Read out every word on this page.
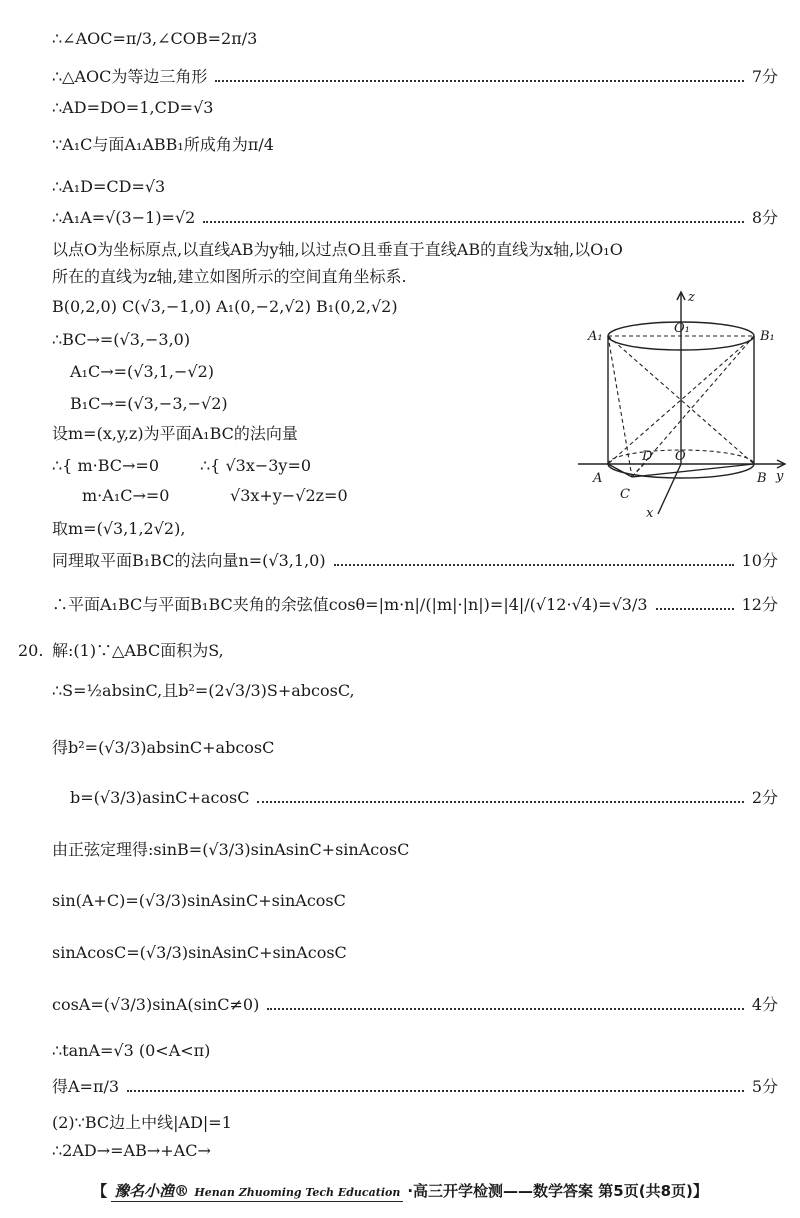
∴∠AOC=π/3,∠COB=2π/3
∴△AOC为等边三角形	7分
∴AD=DO=1,CD=√3
∵A₁C与面A₁ABB₁所成角为π/4
∴A₁D=CD=√3
∴A₁A=√(3−1)=√2	8分
以点O为坐标原点,以直线AB为y轴,以过点O且垂直于直线AB的直线为x轴,以O₁O
所在的直线为z轴,建立如图所示的空间直角坐标系.
B(0,2,0) C(√3,−1,0) A₁(0,−2,√2) B₁(0,2,√2)
∴BC→=(√3,−3,0)
A₁C→=(√3,1,−√2)
B₁C→=(√3,−3,−√2)
设m=(x,y,z)为平面A₁BC的法向量
∴{ m·BC→=0
m·A₁C→=0
∴{ √3x−3y=0
√3x+y−√2z=0
取m=(√3,1,2√2),
同理取平面B₁BC的法向量n=(√3,1,0)	10分
∴平面A₁BC与平面B₁BC夹角的余弦值cosθ=|m·n|/(|m|·|n|)=|4|/(√12·√4)=√3/3	12分
20. 解:(1)∵△ABC面积为S,
∴S=½absinC,且b²=(2√3/3)S+abcosC,
得b²=(√3/3)absinC+abcosC
b=(√3/3)asinC+acosC	2分
由正弦定理得:sinB=(√3/3)sinAsinC+sinAcosC
sin(A+C)=(√3/3)sinAsinC+sinAcosC
sinAcosC=(√3/3)sinAsinC+sinAcosC
cosA=(√3/3)sinA(sinC≠0)	4分
∴tanA=√3 (0<A<π)
得A=π/3	5分
(2)∵BC边上中线|AD|=1
∴2AD→=AB→+AC→
z
y
x
A₁	B₁
O₁
A	B
C
D O
【 豫名小渔® Henan Zhuoming Tech Education ·高三开学检测——数学答案 第5页(共8页)】
